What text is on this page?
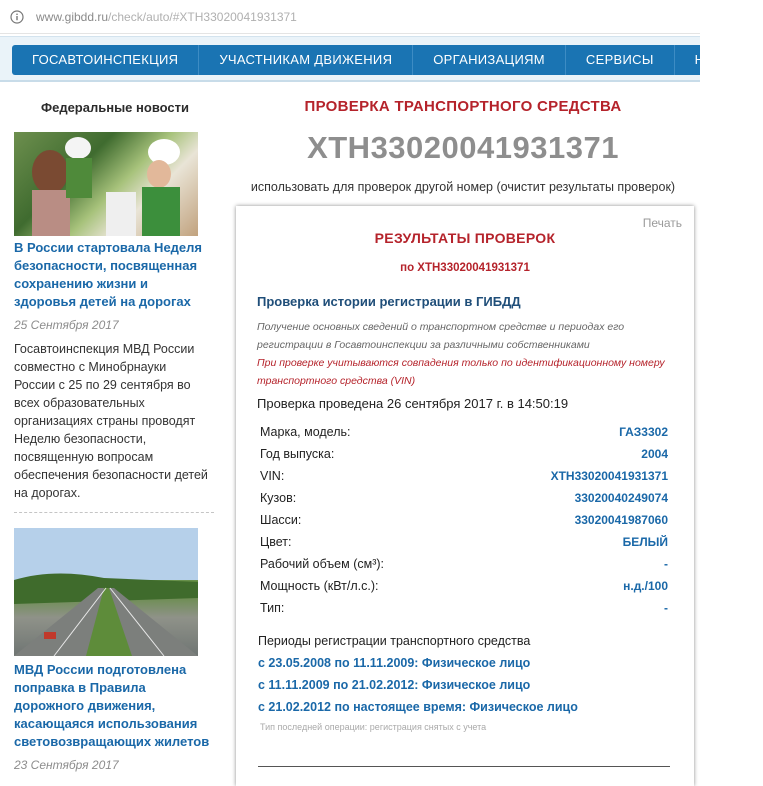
www.gibdd.ru/check/auto/#XTH33020041931371
ГОСАВТОИНСПЕКЦИЯ	УЧАСТНИКАМ ДВИЖЕНИЯ	ОРГАНИЗАЦИЯМ	СЕРВИСЫ	НОВОС
Федеральные новости
В России стартовала Неделя безопасности, посвященная сохранению жизни и здоровья детей на дорогах
25 Сентября 2017
Госавтоинспекция МВД России совместно с Минобрнауки России с 25 по 29 сентября во всех образовательных организациях страны проводят Неделю безопасности, посвященную вопросам обеспечения безопасности детей на дорогах.
МВД России подготовлена поправка в Правила дорожного движения, касающаяся использования световозвращающих жилетов
23 Сентября 2017
ПРОВЕРКА ТРАНСПОРТНОГО СРЕДСТВА
XTH33020041931371
использовать для проверок другой номер (очистит результаты проверок)
Печать
РЕЗУЛЬТАТЫ ПРОВЕРОК
по XTH33020041931371
Проверка истории регистрации в ГИБДД
Получение основных сведений о транспортном средстве и периодах его регистрации в Госавтоинспекции за различными собственниками
При проверке учитываются совпадения только по идентификационному номеру транспортного средства (VIN)
Проверка проведена 26 сентября 2017 г. в 14:50:19
Марка, модель:	ГАЗ3302
Год выпуска:	2004
VIN:	XTH33020041931371
Кузов:	33020040249074
Шасси:	33020041987060
Цвет:	БЕЛЫЙ
Рабочий объем (см³):	-
Мощность (кВт/л.с.):	н.д./100
Тип:	-
Периоды регистрации транспортного средства
с 23.05.2008 по 11.11.2009: Физическое лицо
с 11.11.2009 по 21.02.2012: Физическое лицо
с 21.02.2012 по настоящее время: Физическое лицо
Тип последней операции: регистрация снятых с учета
